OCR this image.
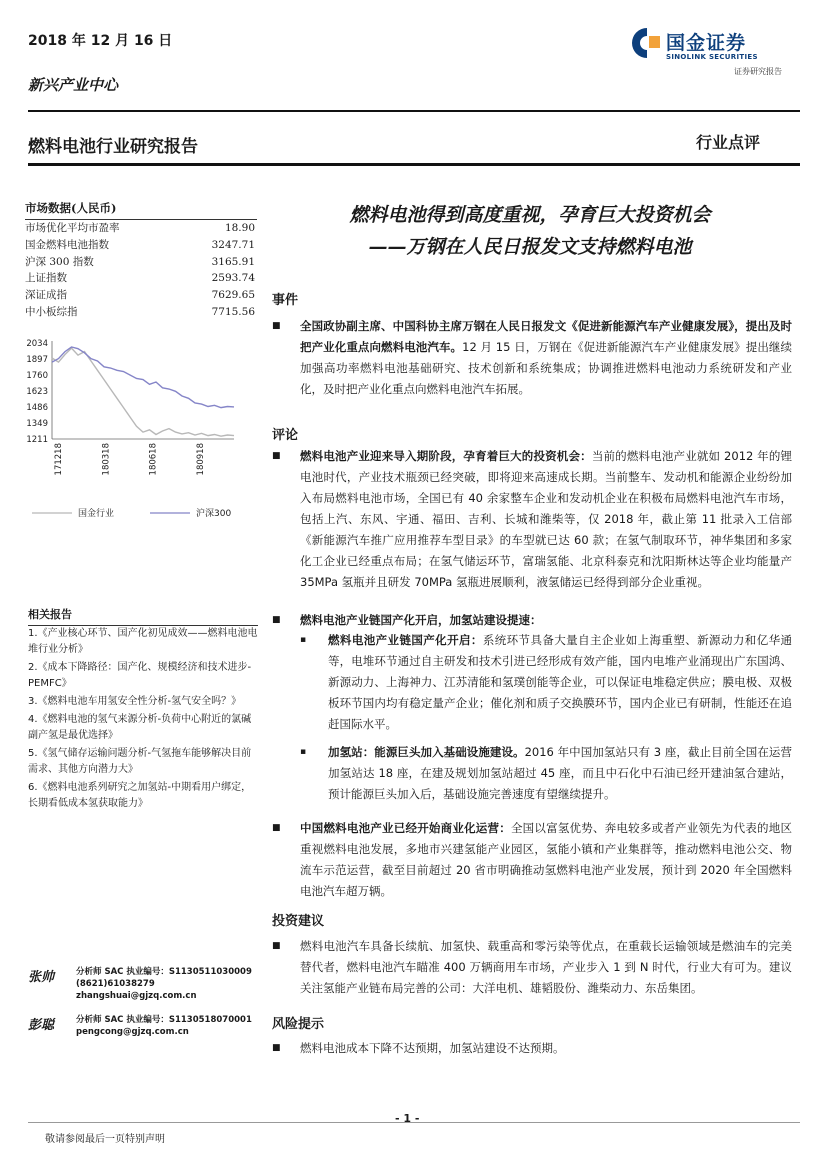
2018 年 12 月 16 日
新兴产业中心
燃料电池行业研究报告	行业点评
国金证券
SINOLINK SECURITIES
证券研究报告
市场数据(人民币)
市场优化平均市盈率	18.90
国金燃料电池指数	3247.71
沪深 300 指数	3165.91
上证指数	2593.74
深证成指	7629.65
中小板综指	7715.56
2034
1897
1760
1623
1486
1349
1211
171218	180318	180618	180918
国金行业	沪深300
相关报告
1.《产业核心环节、国产化初见成效——燃料电池电堆行业分析》
2.《成本下降路径：国产化、规模经济和技术进步-PEMFC》
3.《燃料电池车用氢安全性分析-氢气安全吗？》
4.《燃料电池的氢气来源分析-负荷中心附近的氯碱副产氢是最优选择》
5.《氢气储存运输问题分析-气氢拖车能够解决目前需求、其他方向潜力大》
6.《燃料电池系列研究之加氢站-中期看用户绑定，长期看低成本氢获取能力》
张帅	分析师 SAC 执业编号：S1130511030009
(8621)61038279
zhangshuai@gjzq.com.cn
彭聪	分析师 SAC 执业编号：S1130518070001
pengcong@gjzq.com.cn
燃料电池得到高度重视，孕育巨大投资机会
——万钢在人民日报发文支持燃料电池
事件
■ 全国政协副主席、中国科协主席万钢在人民日报发文《促进新能源汽车产业健康发展》，提出及时把产业化重点向燃料电池汽车。12 月 15 日，万钢在《促进新能源汽车产业健康发展》提出继续加强高功率燃料电池基础研究、技术创新和系统集成；协调推进燃料电池动力系统研发和产业化，及时把产业化重点向燃料电池汽车拓展。
评论
■ 燃料电池产业迎来导入期阶段，孕育着巨大的投资机会：当前的燃料电池产业就如 2012 年的锂电池时代，产业技术瓶颈已经突破，即将迎来高速成长期。当前整车、发动机和能源企业纷纷加入布局燃料电池市场，全国已有 40 余家整车企业和发动机企业在积极布局燃料电池汽车市场，包括上汽、东风、宇通、福田、吉利、长城和潍柴等，仅 2018 年，截止第 11 批录入工信部《新能源汽车推广应用推荐车型目录》的车型就已达 60 款；在氢气制取环节，神华集团和多家化工企业已经重点布局；在氢气储运环节，富瑞氢能、北京科泰克和沈阳斯林达等企业均能量产 35MPa 氢瓶并且研发 70MPa 氢瓶进展顺利，液氢储运已经得到部分企业重视。
■ 燃料电池产业链国产化开启，加氢站建设提速：
▪ 燃料电池产业链国产化开启：系统环节具备大量自主企业如上海重塑、新源动力和亿华通等，电堆环节通过自主研发和技术引进已经形成有效产能，国内电堆产业涌现出广东国鸿、新源动力、上海神力、江苏清能和氢璞创能等企业，可以保证电堆稳定供应；膜电极、双极板环节国内均有稳定量产企业；催化剂和质子交换膜环节，国内企业已有研制，性能还在追赶国际水平。
▪ 加氢站：能源巨头加入基础设施建设。2016 年中国加氢站只有 3 座，截止目前全国在运营加氢站达 18 座，在建及规划加氢站超过 45 座，而且中石化中石油已经开建油氢合建站，预计能源巨头加入后，基础设施完善速度有望继续提升。
■ 中国燃料电池产业已经开始商业化运营：全国以富氢优势、奔电较多或者产业领先为代表的地区重视燃料电池发展，多地市兴建氢能产业园区，氢能小镇和产业集群等，推动燃料电池公交、物流车示范运营，截至目前超过 20 省市明确推动氢燃料电池产业发展，预计到 2020 年全国燃料电池汽车超万辆。
投资建议
■ 燃料电池汽车具备长续航、加氢快、载重高和零污染等优点，在重载长运输领域是燃油车的完美替代者，燃料电池汽车瞄准 400 万辆商用车市场，产业步入 1 到 N 时代，行业大有可为。建议关注氢能产业链布局完善的公司：大洋电机、雄韬股份、潍柴动力、东岳集团。
风险提示
■ 燃料电池成本下降不达预期，加氢站建设不达预期。
- 1 -
敬请参阅最后一页特别声明
